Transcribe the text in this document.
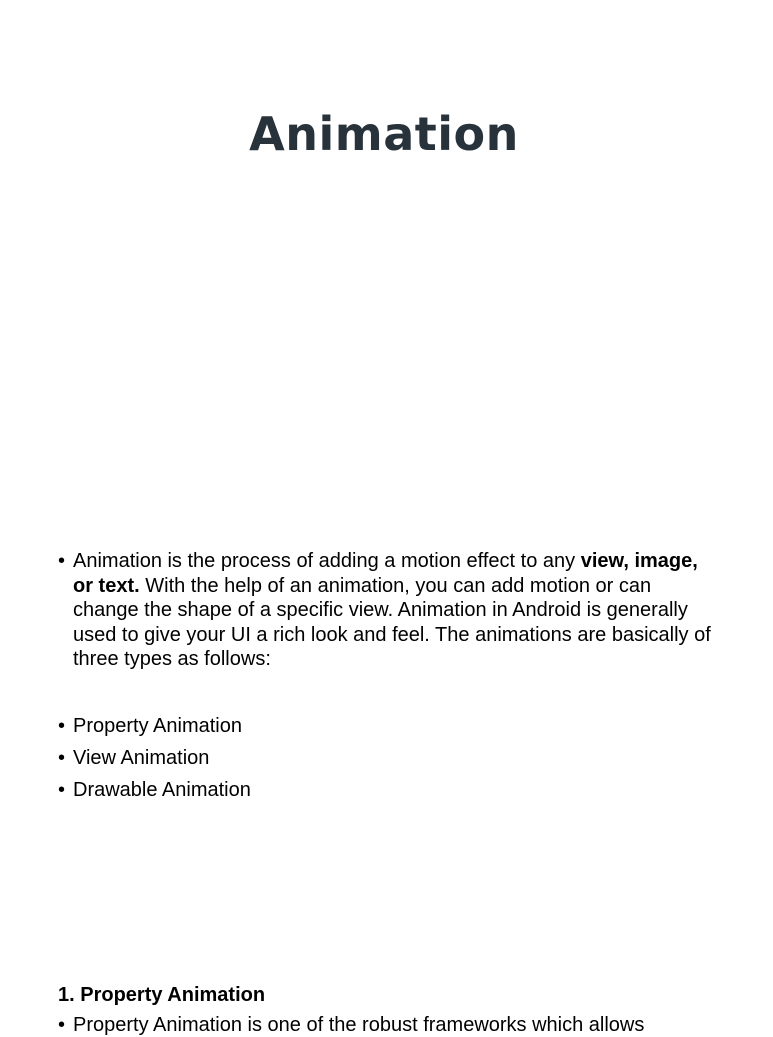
Animation
• Animation is the process of adding a motion effect to any view, image, or text. With the help of an animation, you can add motion or can change the shape of a specific view. Animation in Android is generally used to give your UI a rich look and feel. The animations are basically of three types as follows:
• Property Animation
• View Animation
• Drawable Animation

1. Property Animation

• Property Animation is one of the robust frameworks which allows
